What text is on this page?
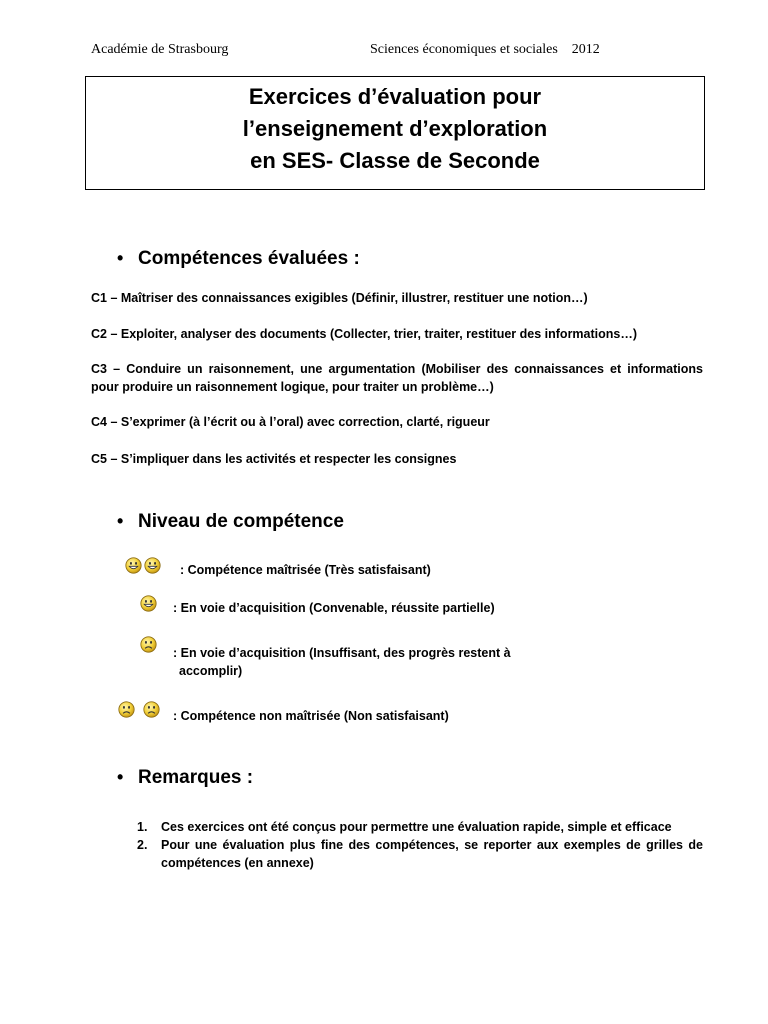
Académie de Strasbourg	Sciences économiques et sociales 2012
Exercices d’évaluation pour
l’enseignement d’exploration
en SES- Classe de Seconde
• Compétences évaluées :
C1 – Maîtriser des connaissances exigibles (Définir, illustrer, restituer une notion…)
C2 – Exploiter, analyser des documents (Collecter, trier, traiter, restituer des informations…)
C3 – Conduire un raisonnement, une argumentation (Mobiliser des connaissances et informations pour produire un raisonnement logique, pour traiter un problème…)
C4 – S’exprimer (à l’écrit ou à l’oral) avec correction, clarté, rigueur
C5 – S’impliquer dans les activités et respecter les consignes
• Niveau de compétence
: Compétence maîtrisée (Très satisfaisant)
: En voie d’acquisition (Convenable, réussite partielle)
: En voie d’acquisition (Insuffisant, des progrès restent à
accomplir)
: Compétence non maîtrisée (Non satisfaisant)
• Remarques :
1. Ces exercices ont été conçus pour permettre une évaluation rapide, simple et efficace
2. Pour une évaluation plus fine des compétences, se reporter aux exemples de grilles de compétences (en annexe)
